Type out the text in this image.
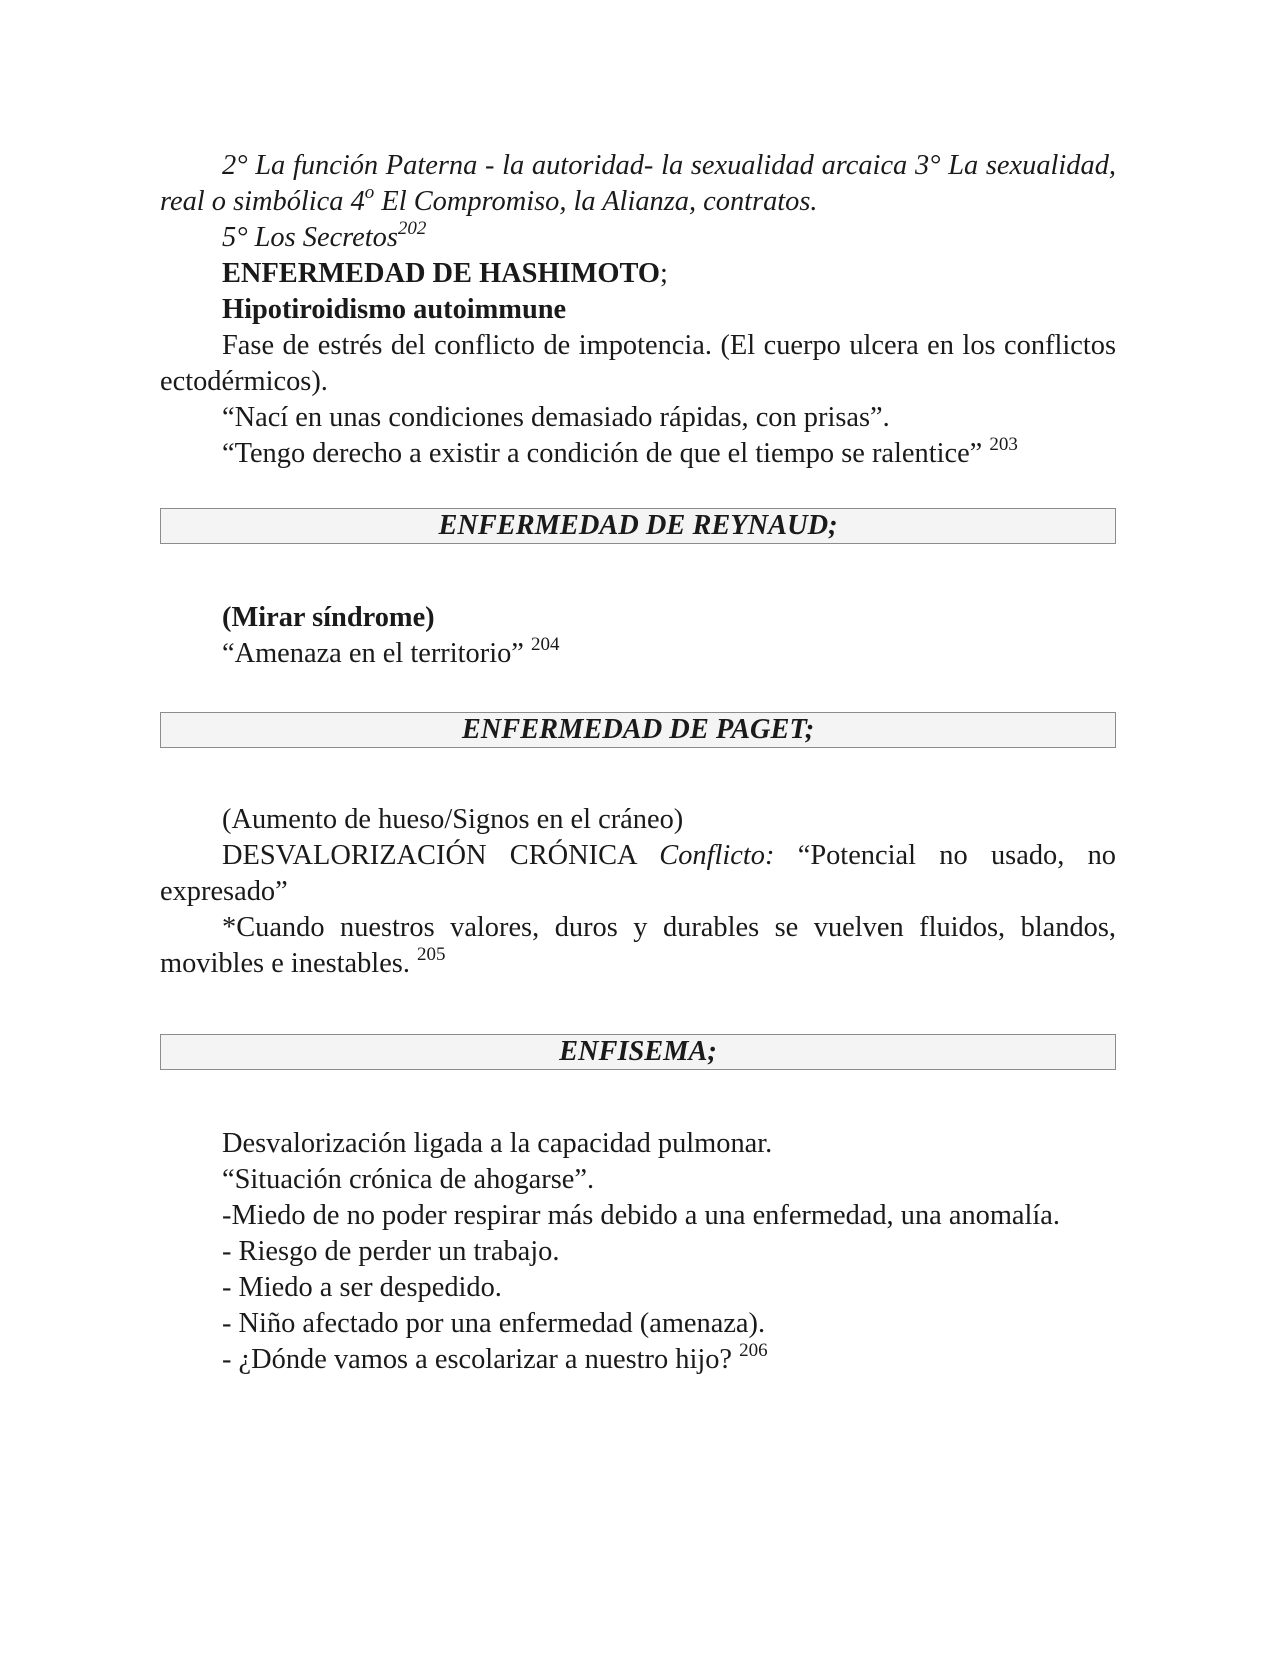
2° La función Paterna - la autoridad- la sexualidad arcaica 3° La sexualidad, real o simbólica 4$^o$ El Compromiso, la Alianza, contratos.

5° Los Secretos$^{202}$

ENFERMEDAD DE HASHIMOTO;

Hipotiroidismo autoimmune

Fase de estrés del conflicto de impotencia. (El cuerpo ulcera en los conflictos ectodérmicos).

“Nací en unas condiciones demasiado rápidas, con prisas”.

“Tengo derecho a existir a condición de que el tiempo se ralentice” $^{203}$

ENFERMEDAD DE REYNAUD;

(Mirar síndrome)

“Amenaza en el territorio” $^{204}$

ENFERMEDAD DE PAGET;

(Aumento de hueso/Signos en el cráneo)

DESVALORIZACIÓN CRÓNICA Conflicto: “Potencial no usado, no expresado”

*Cuando nuestros valores, duros y durables se vuelven fluidos, blandos, movibles e inestables. $^{205}$

ENFISEMA;

Desvalorización ligada a la capacidad pulmonar.

“Situación crónica de ahogarse”.

-Miedo de no poder respirar más debido a una enfermedad, una anomalía.

- Riesgo de perder un trabajo.

- Miedo a ser despedido.

- Niño afectado por una enfermedad (amenaza).

- ¿Dónde vamos a escolarizar a nuestro hijo? $^{206}$
